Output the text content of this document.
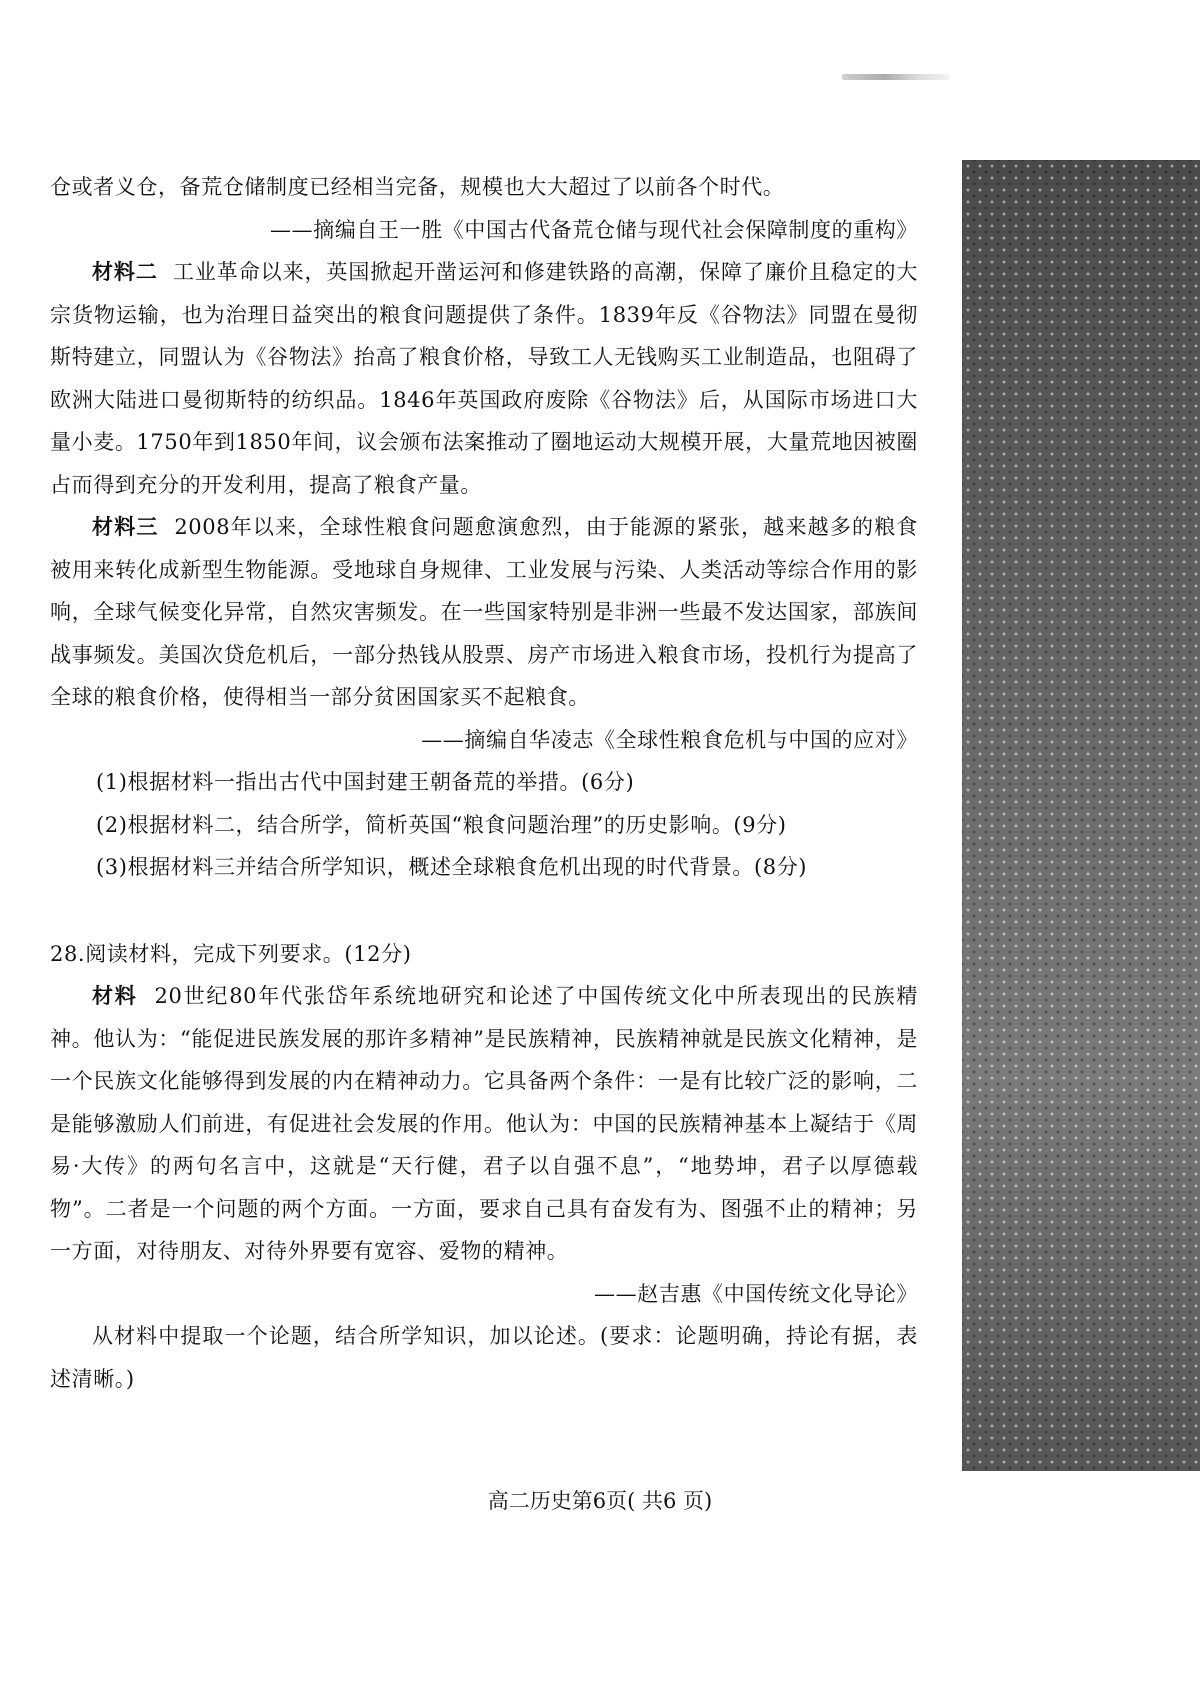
仓或者义仓，备荒仓储制度已经相当完备，规模也大大超过了以前各个时代。

——摘编自王一胜《中国古代备荒仓储与现代社会保障制度的重构》

材料二 工业革命以来，英国掀起开凿运河和修建铁路的高潮，保障了廉价且稳定的大宗货物运输，也为治理日益突出的粮食问题提供了条件。1839年反《谷物法》同盟在曼彻斯特建立，同盟认为《谷物法》抬高了粮食价格，导致工人无钱购买工业制造品，也阻碍了欧洲大陆进口曼彻斯特的纺织品。1846年英国政府废除《谷物法》后，从国际市场进口大量小麦。1750年到1850年间，议会颁布法案推动了圈地运动大规模开展，大量荒地因被圈占而得到充分的开发利用，提高了粮食产量。

材料三 2008年以来，全球性粮食问题愈演愈烈，由于能源的紧张，越来越多的粮食被用来转化成新型生物能源。受地球自身规律、工业发展与污染、人类活动等综合作用的影响，全球气候变化异常，自然灾害频发。在一些国家特别是非洲一些最不发达国家，部族间战事频发。美国次贷危机后，一部分热钱从股票、房产市场进入粮食市场，投机行为提高了全球的粮食价格，使得相当一部分贫困国家买不起粮食。

——摘编自华凌志《全球性粮食危机与中国的应对》

(1)根据材料一指出古代中国封建王朝备荒的举措。(6分)

(2)根据材料二，结合所学，简析英国“粮食问题治理”的历史影响。(9分)

(3)根据材料三并结合所学知识，概述全球粮食危机出现的时代背景。(8分)

28.阅读材料，完成下列要求。(12分)

材料 20世纪80年代张岱年系统地研究和论述了中国传统文化中所表现出的民族精神。他认为：“能促进民族发展的那许多精神”是民族精神，民族精神就是民族文化精神，是一个民族文化能够得到发展的内在精神动力。它具备两个条件：一是有比较广泛的影响，二是能够激励人们前进，有促进社会发展的作用。他认为：中国的民族精神基本上凝结于《周易·大传》的两句名言中，这就是“天行健，君子以自强不息”，“地势坤，君子以厚德载物”。二者是一个问题的两个方面。一方面，要求自己具有奋发有为、图强不止的精神；另一方面，对待朋友、对待外界要有宽容、爱物的精神。

——赵吉惠《中国传统文化导论》

从材料中提取一个论题，结合所学知识，加以论述。(要求：论题明确，持论有据，表述清晰。)

高二历史第6页( 共6 页)
